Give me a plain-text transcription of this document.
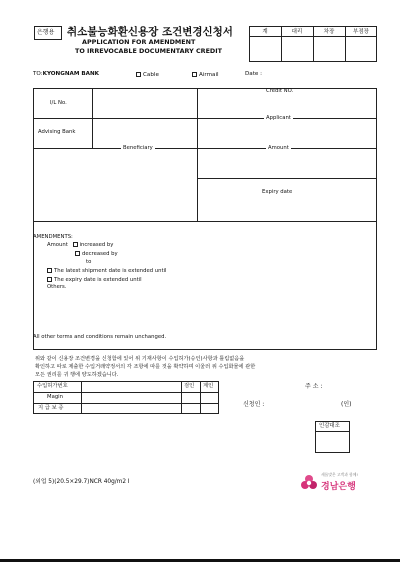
은행용 취소불능화환신용장 조건변경신청서
APPLICATION FOR AMENDMENT
TO IRREVOCABLE DOCUMENTARY CREDIT
계	대리	차장	부점장
TO:KYONGNAM BANK	Cable	Airmail	Date :
Credit NO.
I/L No.
Applicant
Advising Bank
Beneficiary	Amount
Expiry date
AMENDMENTS:
Amount increased by
decreased by
to
The latest shipment date is extended until
The expiry date is extended until
Others.
All other terms and conditions remain unchanged.
위와 같이 신용장 조건변경을 신청함에 있어 위 기재사항이 수입허가(승인)사항과 틀림없음을
확인하고 따로 제출한 수입거래약정서의 각 조항에 따를 것을 확약하며 이울러 위 수입화물에 관한
모든 권리를 귀 행에 양도하겠습니다.
수입허가번호	검인 계인
Magin
지 급 보 증
주 소 :
신청인 :	(인)
인감대조
(외업 5)(20.5×29.7)NCR 40g/m2 I
새롭맞은 고객과 함께!
경남은행
